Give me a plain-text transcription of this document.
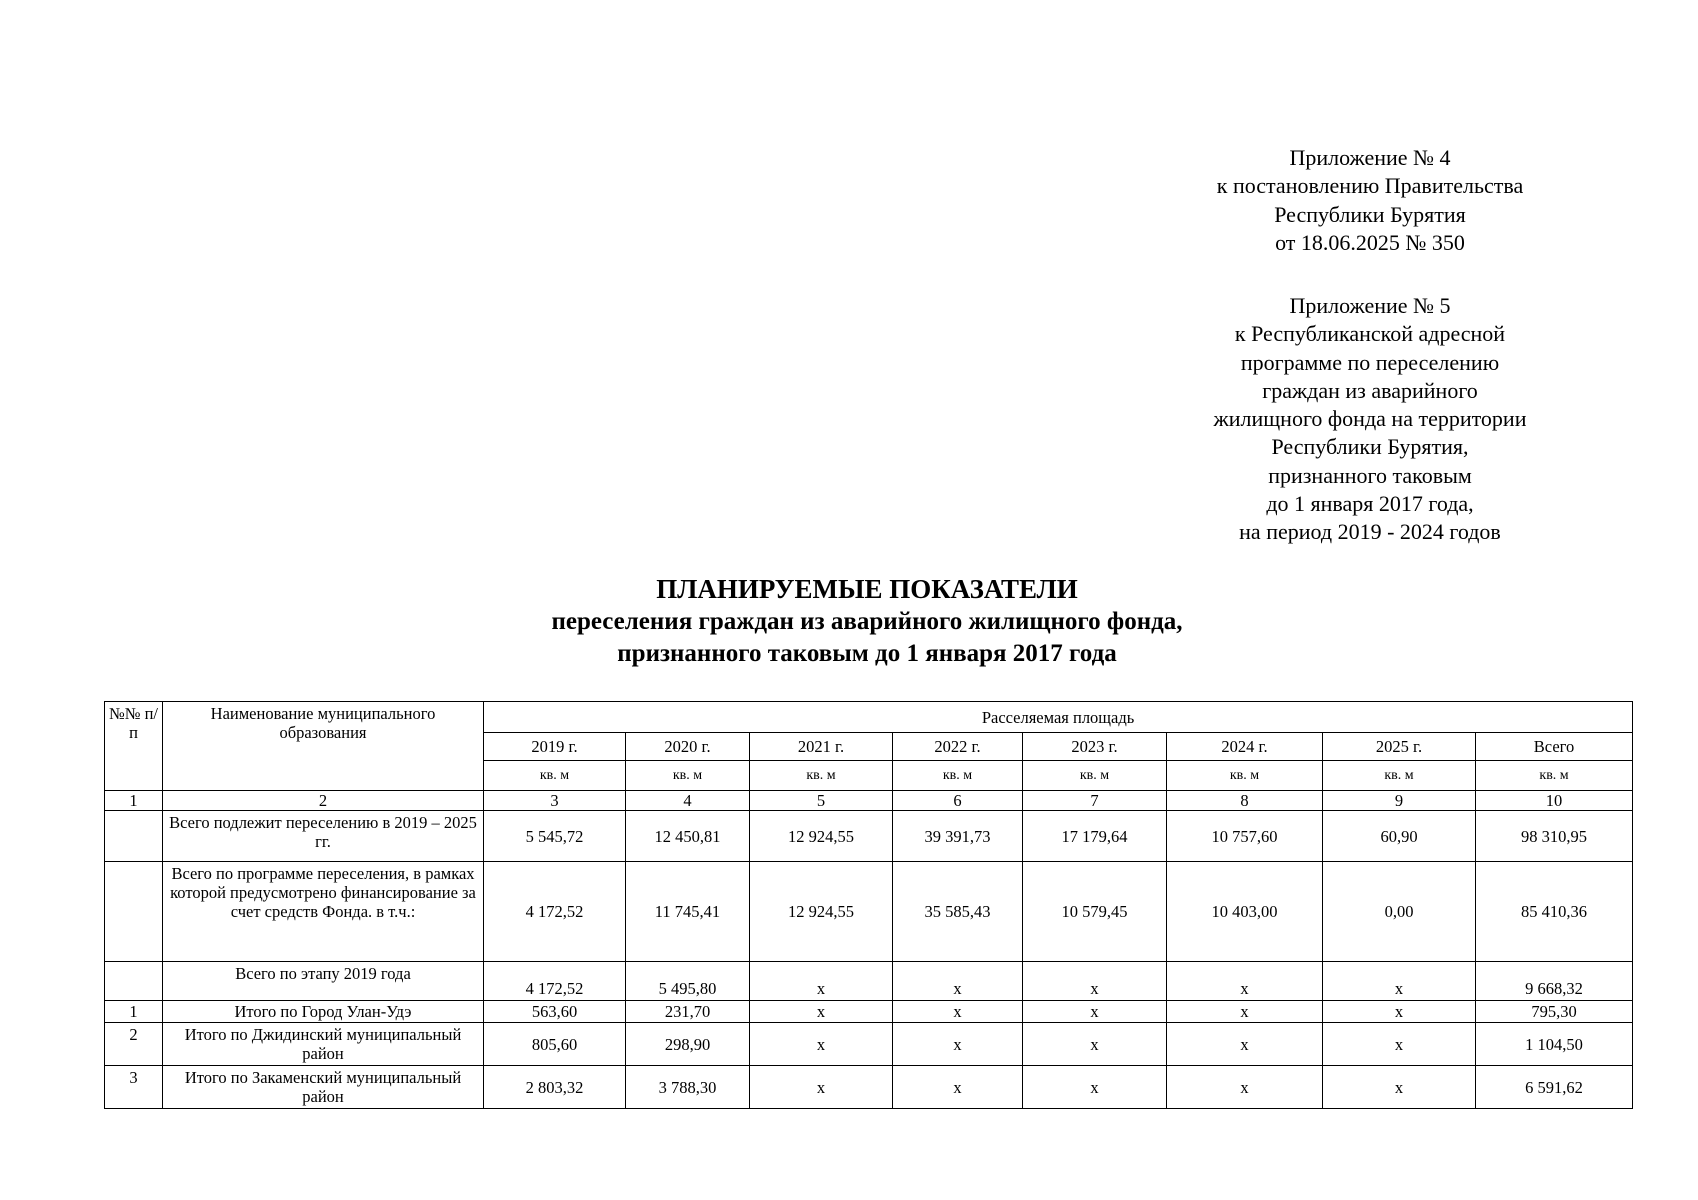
Приложение № 4
к постановлению Правительства
Республики Бурятия
от 18.06.2025 № 350
Приложение № 5
к Республиканской адресной
программе по переселению
граждан из аварийного
жилищного фонда на территории
Республики Бурятия,
признанного таковым
до 1 января 2017 года,
на период 2019 - 2024 годов
ПЛАНИРУЕМЫЕ ПОКАЗАТЕЛИ
переселения граждан из аварийного жилищного фонда,
признанного таковым до 1 января 2017 года
№№ п/п	Наименование муниципального образования	Расселяемая площадь							
		2019 г.	2020 г.	2021 г.	2022 г.	2023 г.	2024 г.	2025 г.	Всего
		кв. м	кв. м	кв. м	кв. м	кв. м	кв. м	кв. м	кв. м
1	2	3	4	5	6	7	8	9	10
	Всего подлежит переселению в 2019 – 2025 гг.	5 545,72	12 450,81	12 924,55	39 391,73	17 179,64	10 757,60	60,90	98 310,95
	Всего по программе переселения, в рамках которой предусмотрено финансирование за счет средств Фонда. в т.ч.:	4 172,52	11 745,41	12 924,55	35 585,43	10 579,45	10 403,00	0,00	85 410,36
	Всего по этапу 2019 года	4 172,52	5 495,80	х	х	х	х	х	9 668,32
1	Итого по Город Улан-Удэ	563,60	231,70	х	х	х	х	х	795,30
2	Итого по Джидинский муниципальный район	805,60	298,90	х	х	х	х	х	1 104,50
3	Итого по Закаменский муниципальный район	2 803,32	3 788,30	х	х	х	х	х	6 591,62
